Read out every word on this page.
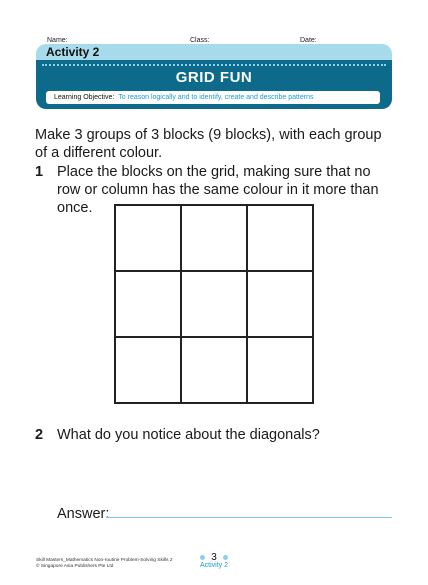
Name:	Class:	Date:
Activity 2
GRID FUN
Learning Objective: To reason logically and to identify, create and describe patterns
Make 3 groups of 3 blocks (9 blocks), with each group of a different colour.
1 Place the blocks on the grid, making sure that no row or column has the same colour in it more than once.
2 What do you notice about the diagonals?
Answer:
Skill Masters_Mathematics Non-routine Problem-Solving Skills 2
© Singapore Asia Publishers Pte Ltd
3
Activity 2
